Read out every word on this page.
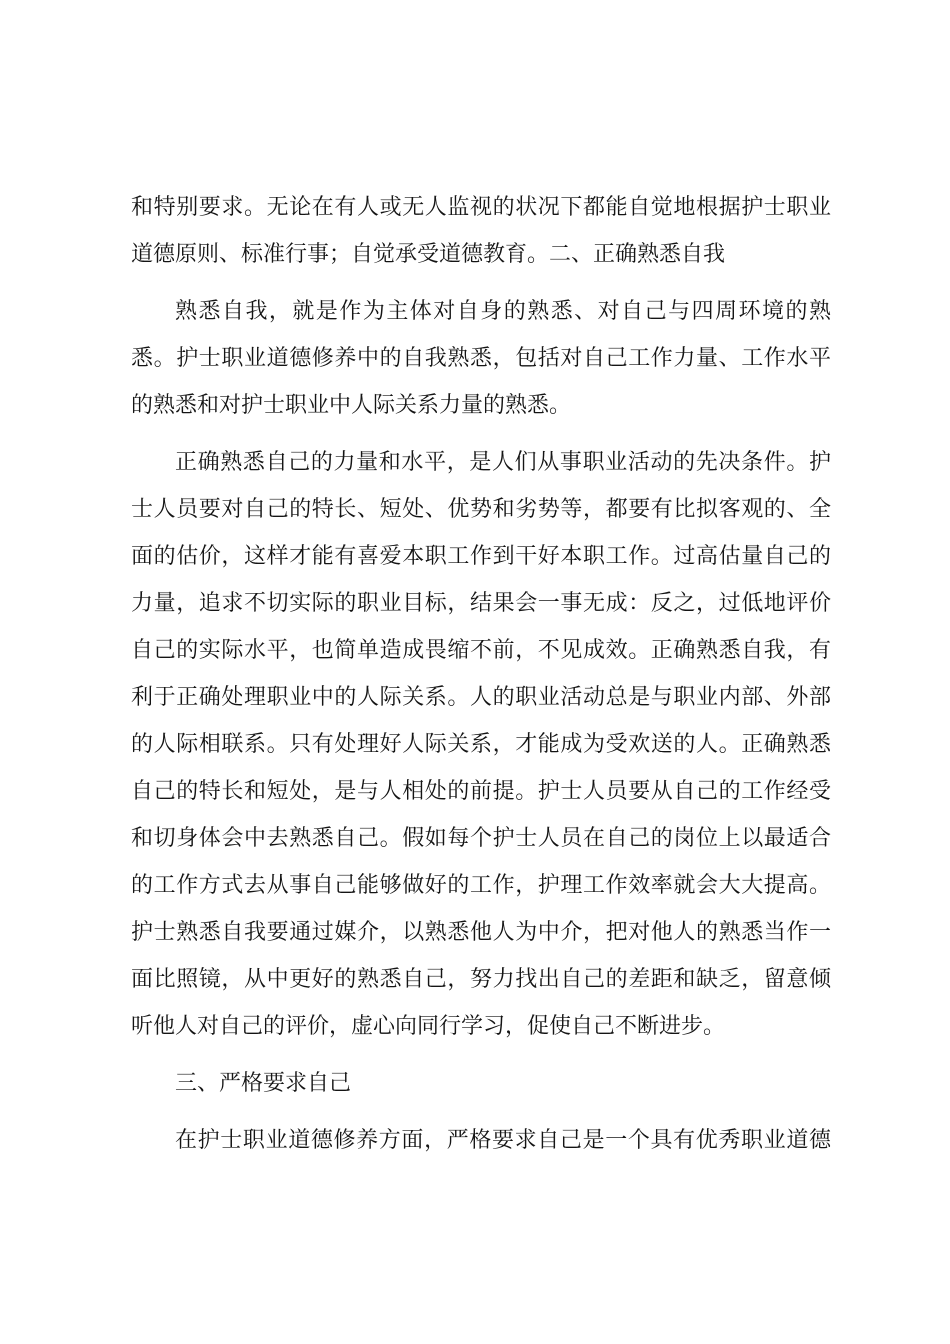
和特别要求。无论在有人或无人监视的状况下都能自觉地根据护士职业
道德原则、标准行事；自觉承受道德教育。二、正确熟悉自我
熟悉自我，就是作为主体对自身的熟悉、对自己与四周环境的熟
悉。护士职业道德修养中的自我熟悉，包括对自己工作力量、工作水平
的熟悉和对护士职业中人际关系力量的熟悉。
正确熟悉自己的力量和水平，是人们从事职业活动的先决条件。护
士人员要对自己的特长、短处、优势和劣势等，都要有比拟客观的、全
面的估价，这样才能有喜爱本职工作到干好本职工作。过高估量自己的
力量，追求不切实际的职业目标，结果会一事无成：反之，过低地评价
自己的实际水平，也简单造成畏缩不前，不见成效。正确熟悉自我，有
利于正确处理职业中的人际关系。人的职业活动总是与职业内部、外部
的人际相联系。只有处理好人际关系，才能成为受欢送的人。正确熟悉
自己的特长和短处，是与人相处的前提。护士人员要从自己的工作经受
和切身体会中去熟悉自己。假如每个护士人员在自己的岗位上以最适合
的工作方式去从事自己能够做好的工作，护理工作效率就会大大提高。
护士熟悉自我要通过媒介，以熟悉他人为中介，把对他人的熟悉当作一
面比照镜，从中更好的熟悉自己，努力找出自己的差距和缺乏，留意倾
听他人对自己的评价，虚心向同行学习，促使自己不断进步。
三、严格要求自己
在护士职业道德修养方面，严格要求自己是一个具有优秀职业道德
